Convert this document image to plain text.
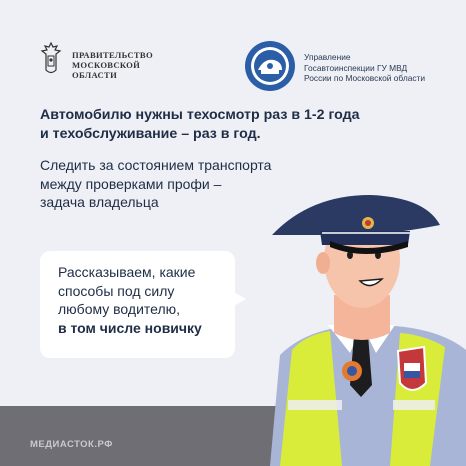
ПРАВИТЕЛЬСТВО
МОСКОВСКОЙ
ОБЛАСТИ
Управление
Госавтоинспекции ГУ МВД
России по Московской области
Автомобилю нужны техосмотр раз в 1-2 года
и техобслуживание – раз в год.
Следить за состоянием транспорта
между проверками профи –
задача владельца
Рассказываем, какие
способы под силу
любому водителю,
в том числе новичку
МЕДИАСТОК.РФ
